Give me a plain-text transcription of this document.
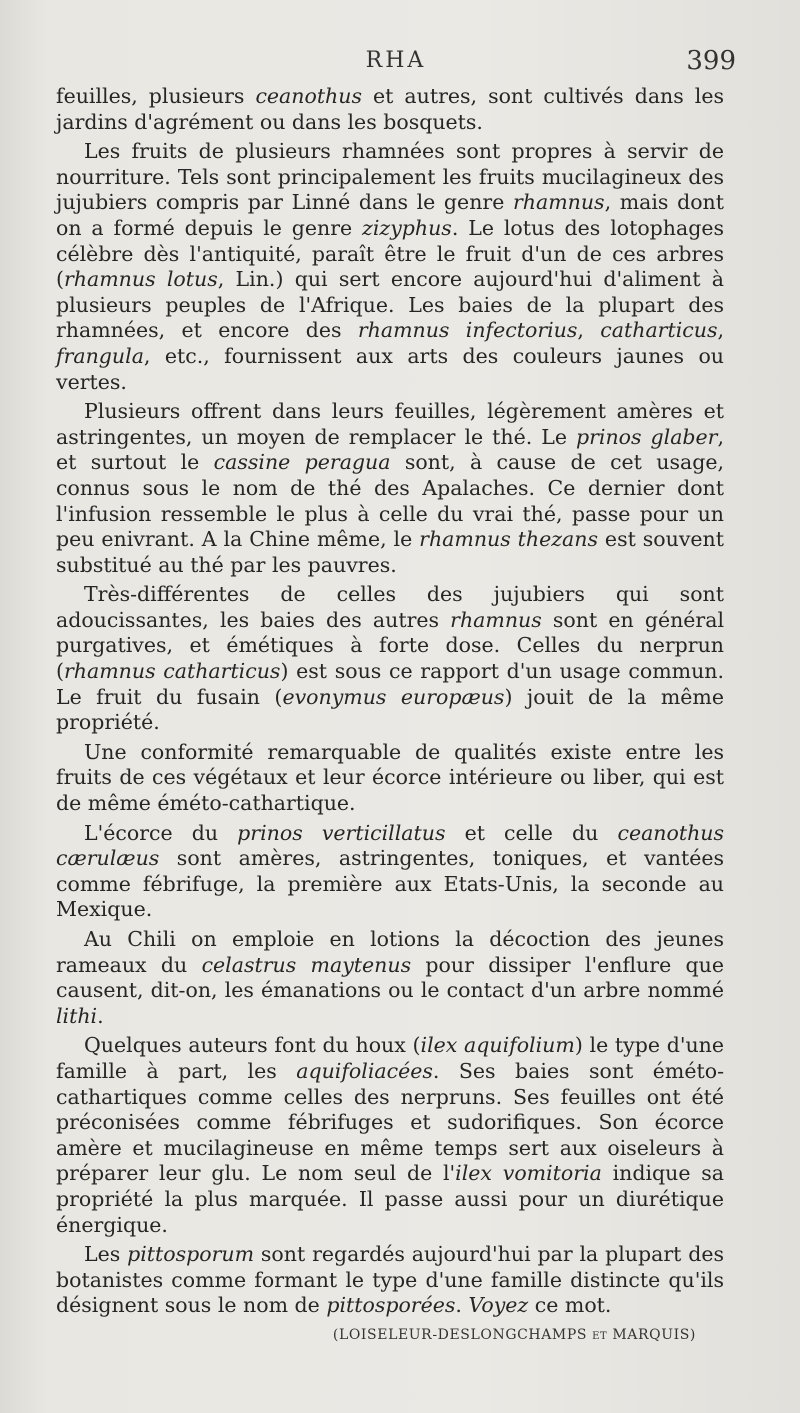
RHA	399

feuilles, plusieurs ceanothus et autres, sont cultivés dans les jardins d'agrément ou dans les bosquets.

Les fruits de plusieurs rhamnées sont propres à servir de nourriture. Tels sont principalement les fruits mucilagineux des jujubiers compris par Linné dans le genre rhamnus, mais dont on a formé depuis le genre zizyphus. Le lotus des lotophages célèbre dès l'antiquité, paraît être le fruit d'un de ces arbres (rhamnus lotus, Lin.) qui sert encore aujourd'hui d'aliment à plusieurs peuples de l'Afrique. Les baies de la plupart des rhamnées, et encore des rhamnus infectorius, catharticus, frangula, etc., fournissent aux arts des couleurs jaunes ou vertes.

Plusieurs offrent dans leurs feuilles, légèrement amères et astringentes, un moyen de remplacer le thé. Le prinos glaber, et surtout le cassine peragua sont, à cause de cet usage, connus sous le nom de thé des Apalaches. Ce dernier dont l'infusion ressemble le plus à celle du vrai thé, passe pour un peu enivrant. A la Chine même, le rhamnus thezans est souvent substitué au thé par les pauvres.

Très-différentes de celles des jujubiers qui sont adoucissantes, les baies des autres rhamnus sont en général purgatives, et émétiques à forte dose. Celles du nerprun (rhamnus catharticus) est sous ce rapport d'un usage commun. Le fruit du fusain (evonymus europæus) jouit de la même propriété.

Une conformité remarquable de qualités existe entre les fruits de ces végétaux et leur écorce intérieure ou liber, qui est de même éméto-cathartique.

L'écorce du prinos verticillatus et celle du ceanothus cærulæus sont amères, astringentes, toniques, et vantées comme fébrifuge, la première aux Etats-Unis, la seconde au Mexique.

Au Chili on emploie en lotions la décoction des jeunes rameaux du celastrus maytenus pour dissiper l'enflure que causent, dit-on, les émanations ou le contact d'un arbre nommé lithi.

Quelques auteurs font du houx (ilex aquifolium) le type d'une famille à part, les aquifoliacées. Ses baies sont éméto-cathartiques comme celles des nerpruns. Ses feuilles ont été préconisées comme fébrifuges et sudorifiques. Son écorce amère et mucilagineuse en même temps sert aux oiseleurs à préparer leur glu. Le nom seul de l'ilex vomitoria indique sa propriété la plus marquée. Il passe aussi pour un diurétique énergique.

Les pittosporum sont regardés aujourd'hui par la plupart des botanistes comme formant le type d'une famille distincte qu'ils désignent sous le nom de pittosporées. Voyez ce mot.

(LOISELEUR-DESLONGCHAMPS et MARQUIS)
